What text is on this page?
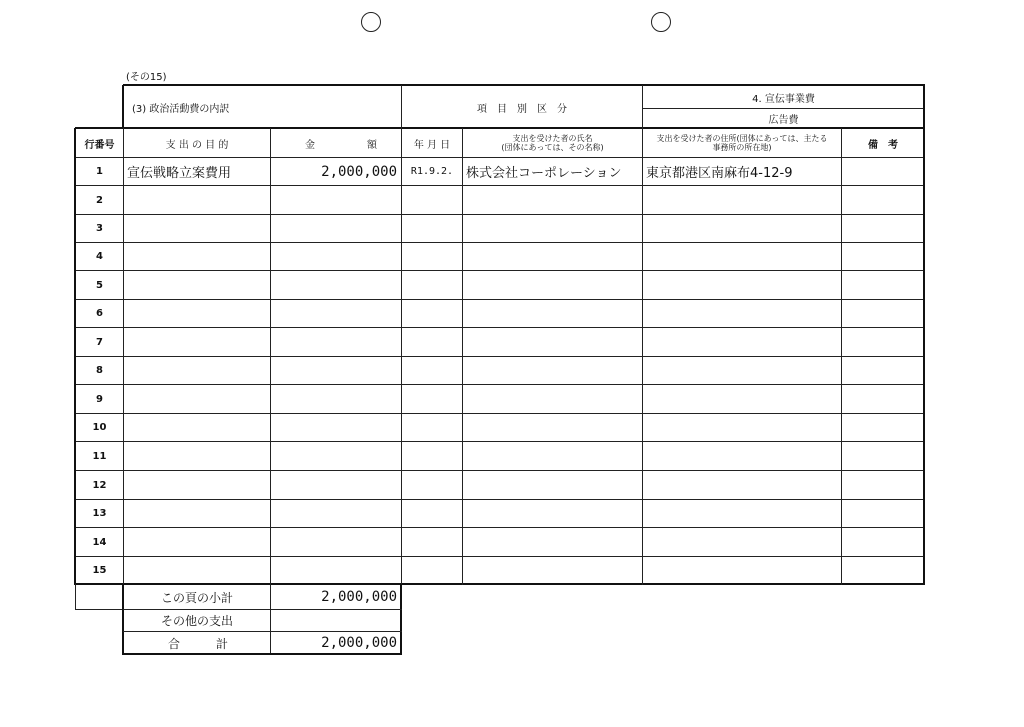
(その15)
(3) 政治活動費の内訳	項　目　別　区　分
4. 宣伝事業費
広告費
行番号	支 出 の 目 的	金	額	年 月 日
支出を受けた者の氏名
(団体にあっては、その名称)
支出を受けた者の住所(団体にあっては、主たる
事務所の所在地)	備　考
1	宣伝戦略立案費用	2,000,000	R1.9.2. 株式会社コーポレーション	東京都港区南麻布4-12-9
2
3
4
5
6
7
8
9
10
11
12
13
14
15
この頁の小計	2,000,000
その他の支出
合	計	2,000,000
